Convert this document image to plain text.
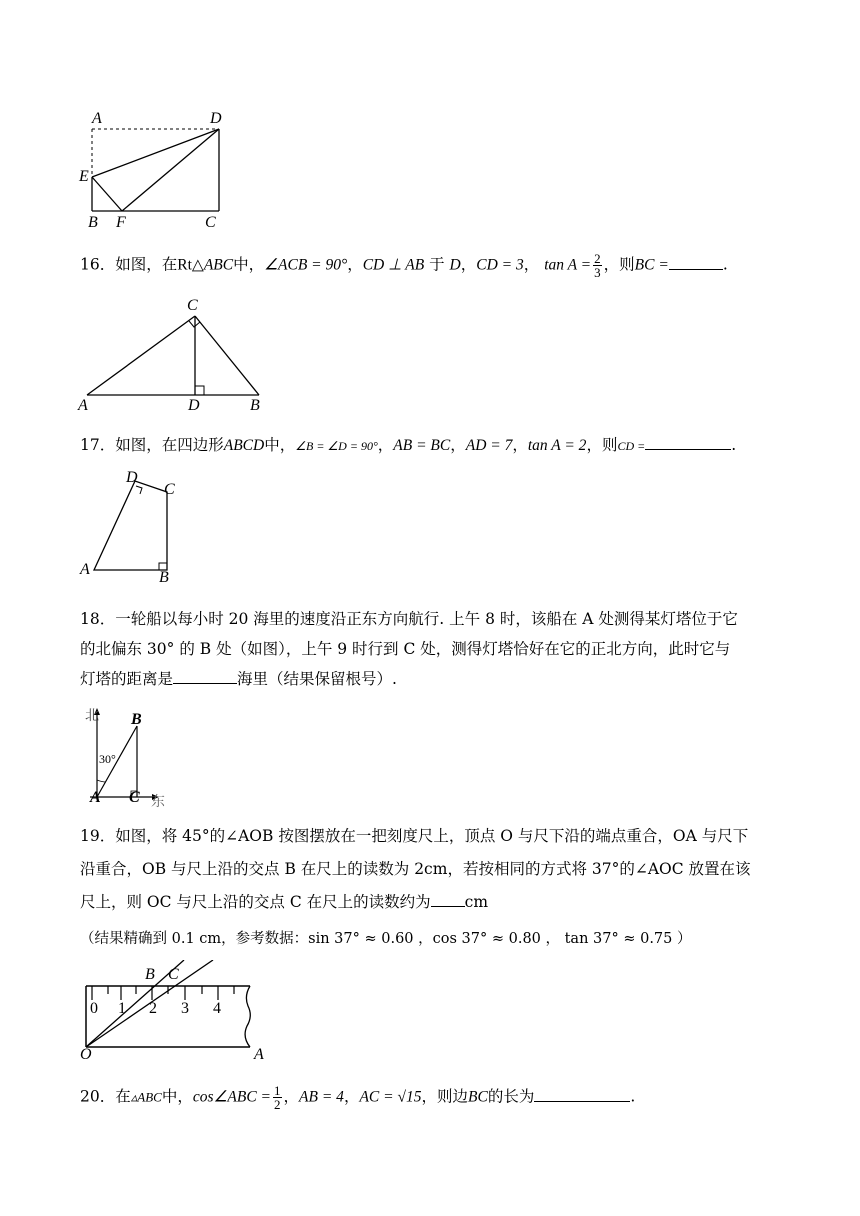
A	D
E
B F	C
16．如图，在Rt△ABC中，∠ACB = 90°，CD ⊥ AB 于 D，CD = 3， $\tan A = \frac{2}{3}$ ，则BC =	.
C
A	D	B
17．如图，在四边形ABCD中，∠B = ∠D = 90°，AB = BC，AD = 7，tan A = 2，则CD =	.
D
C
A	B
18．一轮船以每小时 20 海里的速度沿正东方向航行. 上午 8 时，该船在 A 处测得某灯塔位于它
的北偏东 30° 的 B 处（如图），上午 9 时行到 C 处，测得灯塔恰好在它的正北方向，此时它与
灯塔的距离是	海里（结果保留根号）.
北 B
30°
A C 东
19．如图，将 45°的∠AOB 按图摆放在一把刻度尺上，顶点 O 与尺下沿的端点重合，OA 与尺下
沿重合，OB 与尺上沿的交点 B 在尺上的读数为 2cm，若按相同的方式将 37°的∠AOC 放置在该
尺上，则 OC 与尺上沿的交点 C 在尺上的读数约为 cm
（结果精确到 0.1 cm，参考数据：sin 37° ≈ 0.60 ，cos 37° ≈ 0.80 ， tan 37° ≈ 0.75 ）
B C
0 1 2 3 4
O	A
20．在▵ABC中，cos∠ABC = $\frac{1}{2}$ ，AB = 4，AC = √15，则边BC的长为	.
